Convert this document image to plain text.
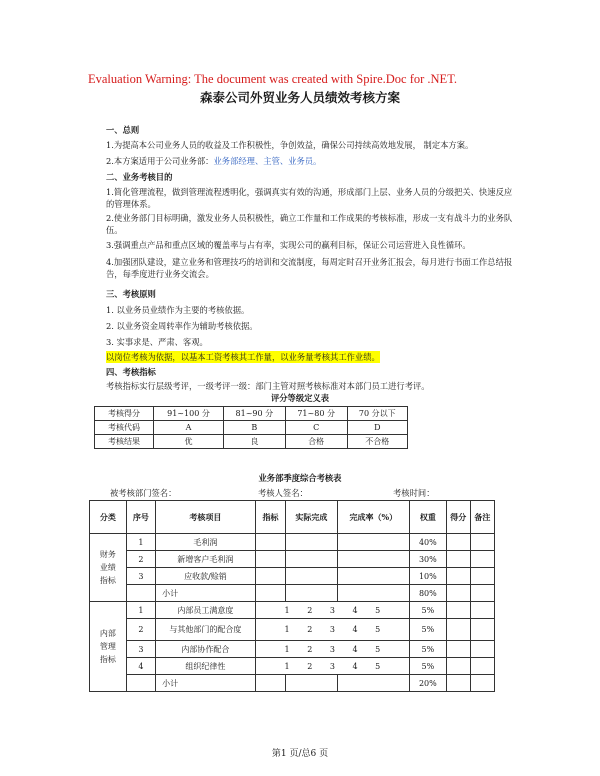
Evaluation Warning: The document was created with Spire.Doc for .NET.
森泰公司外贸业务人员绩效考核方案
一、总则
1.为提高本公司业务人员的收益及工作积极性，争创效益，确保公司持续高效地发展， 制定本方案。
2.本方案适用于公司业务部：业务部经理、主管、业务员。
二、业务考核目的
1.简化管理流程，做到管理流程透明化，强调真实有效的沟通，形成部门上层、业务人员的分级把关、快速反应的管理体系。
2.使业务部门目标明确，激发业务人员积极性，确立工作量和工作成果的考核标准，形成一支有战斗力的业务队伍。
3.强调重点产品和重点区域的覆盖率与占有率，实现公司的赢利目标，保证公司运营进入良性循环。
4.加强团队建设，建立业务和管理技巧的培训和交流制度，每周定时召开业务汇报会，每月进行书面工作总结报告，每季度进行业务交流会。
三、考核原则
1. 以业务员业绩作为主要的考核依据。
2. 以业务资金周转率作为辅助考核依据。
3. 实事求是、严肃、客观。
以岗位考核为依据，以基本工资考核其工作量，以业务量考核其工作业绩。
四、考核指标
考核指标实行层级考评，一级考评一级：部门主管对照考核标准对本部门员工进行考评。
评分等级定义表
考核得分	91~100 分	81~90 分	71~80 分	70 分以下
考核代码	A	B	C	D
考核结果	优	良	合格	不合格
业务部季度综合考核表
被考核部门签名：	考核人签名：	考核时间：
分类	序号	考核项目	指标	实际完成	完成率（%）	权重	得分	备注
财务业绩指标	1	毛利润				40%		
	2	新增客户毛利润				30%		
	3	应收款/赊销				10%		
		小计				80%		
内部管理指标	1	内部员工满意度	1 2 3 4 5			5%		
	2	与其他部门的配合度	1 2 3 4 5			5%		
	3	内部协作配合	1 2 3 4 5			5%		
	4	组织纪律性	1 2 3 4 5			5%		
		小计				20%		
第1 页/总6 页
